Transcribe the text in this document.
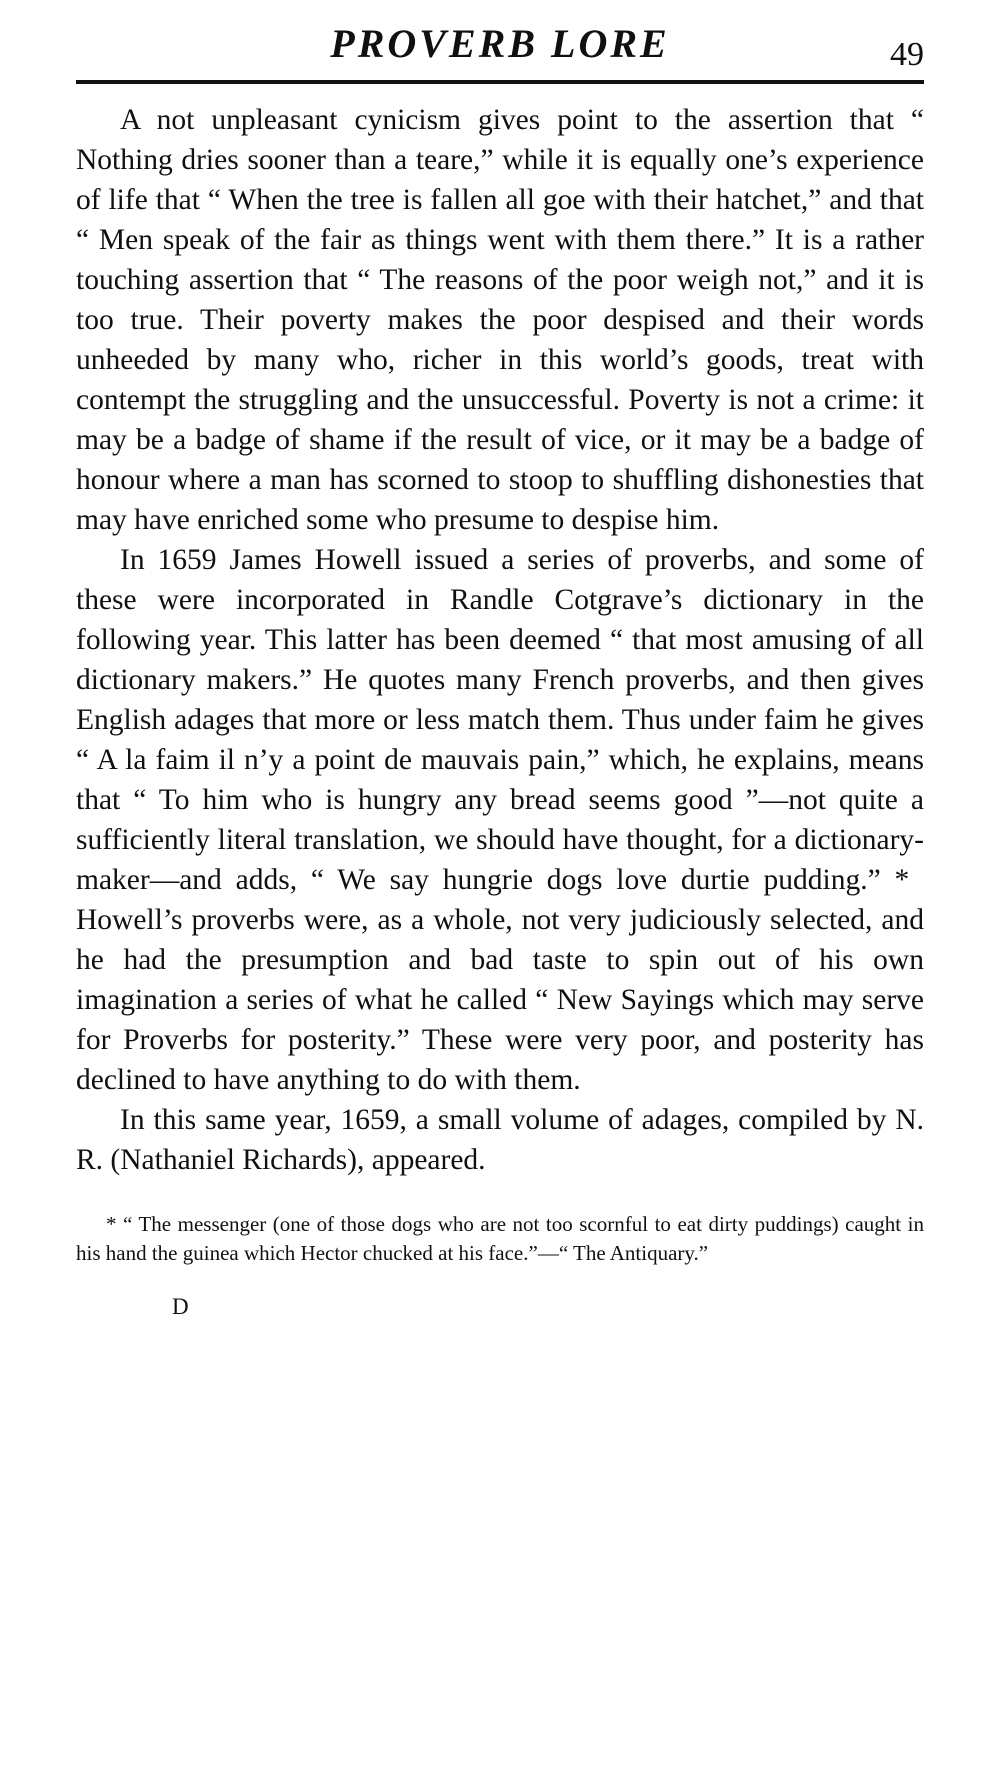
PROVERB LORE	49

A not unpleasant cynicism gives point to the assertion that “ Nothing dries sooner than a teare,” while it is equally one’s experience of life that “ When the tree is fallen all goe with their hatchet,” and that “ Men speak of the fair as things went with them there.” It is a rather touching assertion that “ The reasons of the poor weigh not,” and it is too true. Their poverty makes the poor despised and their words unheeded by many who, richer in this world’s goods, treat with contempt the struggling and the unsuccessful. Poverty is not a crime: it may be a badge of shame if the result of vice, or it may be a badge of honour where a man has scorned to stoop to shuffling dishonesties that may have enriched some who presume to despise him.

In 1659 James Howell issued a series of proverbs, and some of these were incorporated in Randle Cotgrave’s dictionary in the following year. This latter has been deemed “ that most amusing of all dictionary makers.” He quotes many French proverbs, and then gives English adages that more or less match them. Thus under faim he gives “ A la faim il n’y a point de mauvais pain,” which, he explains, means that “ To him who is hungry any bread seems good ”—not quite a sufficiently literal translation, we should have thought, for a dictionary-maker—and adds, “ We say hungrie dogs love durtie pudding.” *  Howell’s proverbs were, as a whole, not very judiciously selected, and he had the presumption and bad taste to spin out of his own imagination a series of what he called “ New Sayings which may serve for Proverbs for posterity.” These were very poor, and posterity has declined to have anything to do with them.

In this same year, 1659, a small volume of adages, compiled by N. R. (Nathaniel Richards), appeared.

* “ The messenger (one of those dogs who are not too scornful to eat dirty puddings) caught in his hand the guinea which Hector chucked at his face.”—“ The Antiquary.”

D
